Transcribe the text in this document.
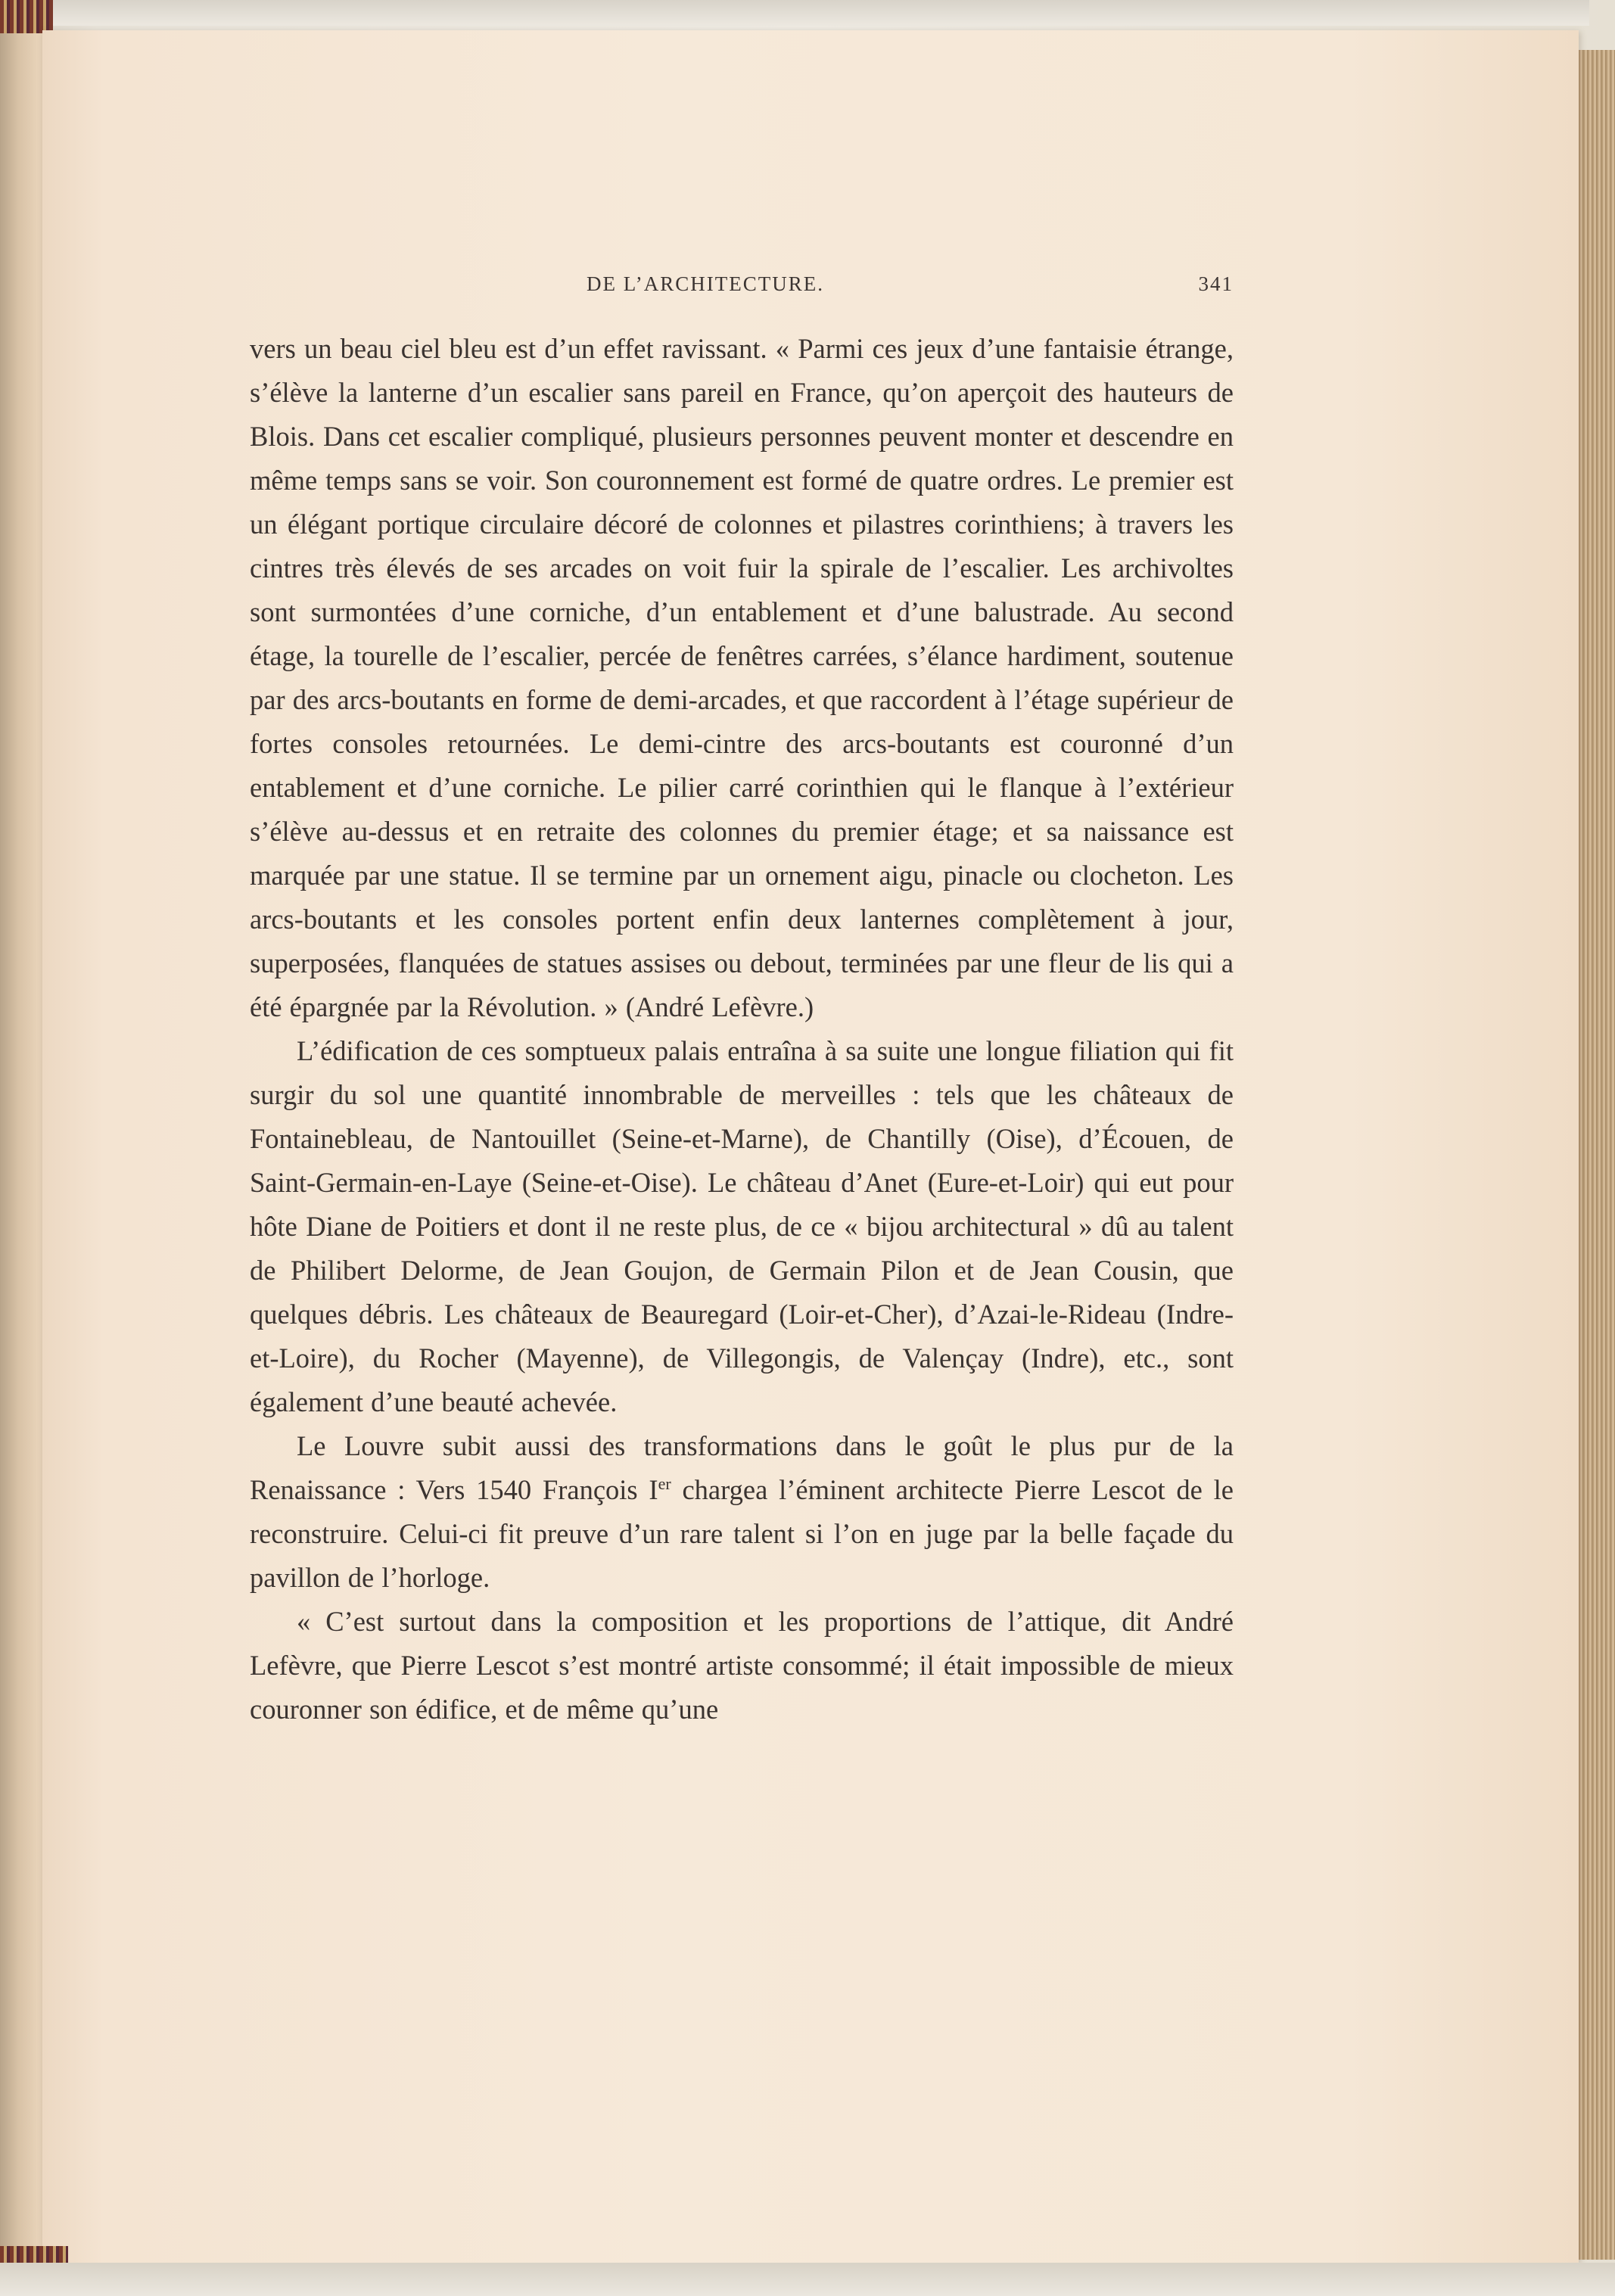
DE L’ARCHITECTURE.	341

vers un beau ciel bleu est d’un effet ravissant. « Parmi ces jeux d’une fantaisie étrange, s’élève la lanterne d’un escalier sans pareil en France, qu’on aperçoit des hauteurs de Blois. Dans cet escalier compliqué, plusieurs personnes peuvent monter et descendre en même temps sans se voir. Son couronnement est formé de quatre ordres. Le premier est un élégant portique circulaire décoré de colonnes et pilastres corinthiens; à travers les cintres très élevés de ses arcades on voit fuir la spirale de l’escalier. Les archivoltes sont surmontées d’une corniche, d’un entablement et d’une balustrade. Au second étage, la tourelle de l’escalier, percée de fenêtres carrées, s’élance hardiment, soutenue par des arcs-boutants en forme de demi-arcades, et que raccordent à l’étage supérieur de fortes consoles retournées. Le demi-cintre des arcs-boutants est couronné d’un entablement et d’une corniche. Le pilier carré corinthien qui le flanque à l’extérieur s’élève au-dessus et en retraite des colonnes du premier étage; et sa naissance est marquée par une statue. Il se termine par un ornement aigu, pinacle ou clocheton. Les arcs-boutants et les consoles portent enfin deux lanternes complètement à jour, superposées, flanquées de statues assises ou debout, terminées par une fleur de lis qui a été épargnée par la Révolution. » (André Lefèvre.)

L’édification de ces somptueux palais entraîna à sa suite une longue filiation qui fit surgir du sol une quantité innombrable de merveilles : tels que les châteaux de Fontainebleau, de Nantouillet (Seine-et-Marne), de Chantilly (Oise), d’Écouen, de Saint-Germain-en-Laye (Seine-et-Oise). Le château d’Anet (Eure-et-Loir) qui eut pour hôte Diane de Poitiers et dont il ne reste plus, de ce « bijou architectural » dû au talent de Philibert Delorme, de Jean Goujon, de Germain Pilon et de Jean Cousin, que quelques débris. Les châteaux de Beauregard (Loir-et-Cher), d’Azai-le-Rideau (Indre-et-Loire), du Rocher (Mayenne), de Villegongis, de Valençay (Indre), etc., sont également d’une beauté achevée.

Le Louvre subit aussi des transformations dans le goût le plus pur de la Renaissance : Vers 1540 François Ier chargea l’éminent architecte Pierre Lescot de le reconstruire. Celui-ci fit preuve d’un rare talent si l’on en juge par la belle façade du pavillon de l’horloge.

« C’est surtout dans la composition et les proportions de l’attique, dit André Lefèvre, que Pierre Lescot s’est montré artiste consommé; il était impossible de mieux couronner son édifice, et de même qu’une
